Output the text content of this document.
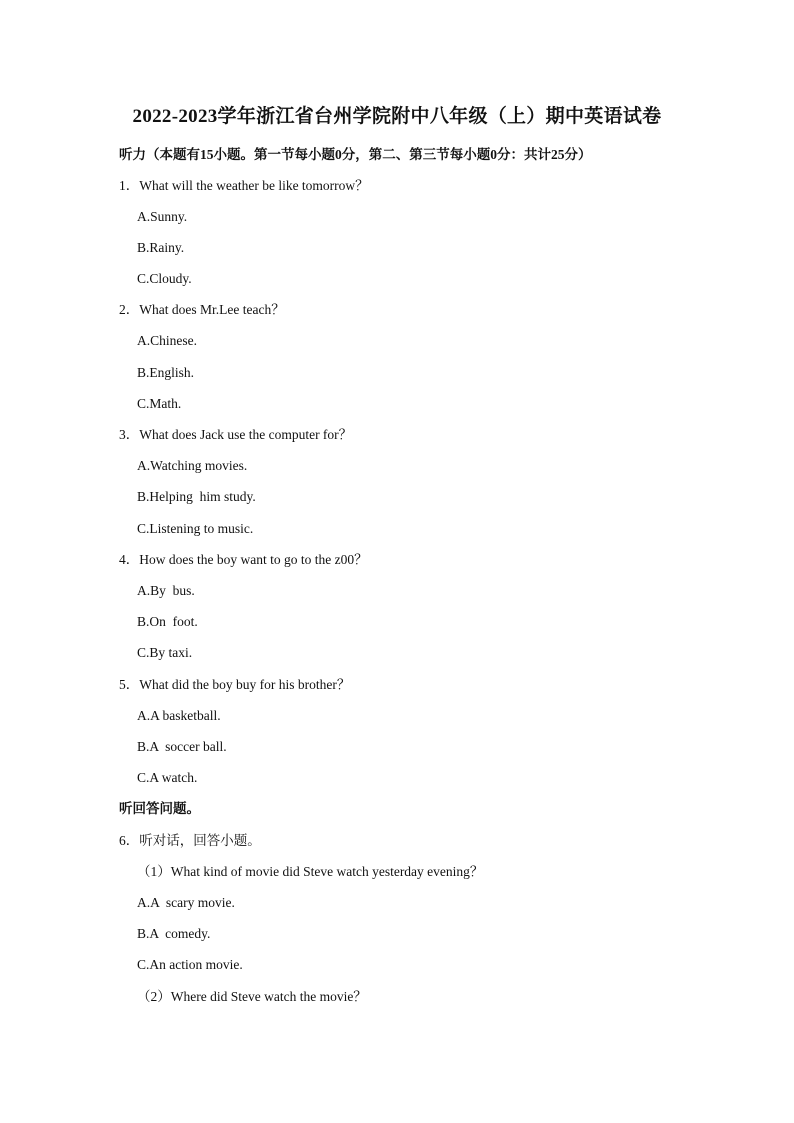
2022-2023学年浙江省台州学院附中八年级（上）期中英语试卷
听力（本题有15小题。第一节每小题0分，第二、第三节每小题0分：共计25分）
1．What will the weather be like tomorrow？
A.Sunny.
B.Rainy.
C.Cloudy.
2．What does Mr.Lee teach？
A.Chinese.
B.English.
C.Math.
3．What does Jack use the computer for？
A.Watching movies.
B.Helping  him study.
C.Listening to music.
4．How does the boy want to go to the z00？
A.By  bus.
B.On  foot.
C.By taxi.
5．What did the boy buy for his brother？
A.A basketball.
B.A  soccer ball.
C.A watch.
听回答问题。
6．听对话，回答小题。
（1）What kind of movie did Steve watch yesterday evening？
A.A  scary movie.
B.A  comedy.
C.An action movie.
（2）Where did Steve watch the movie？
